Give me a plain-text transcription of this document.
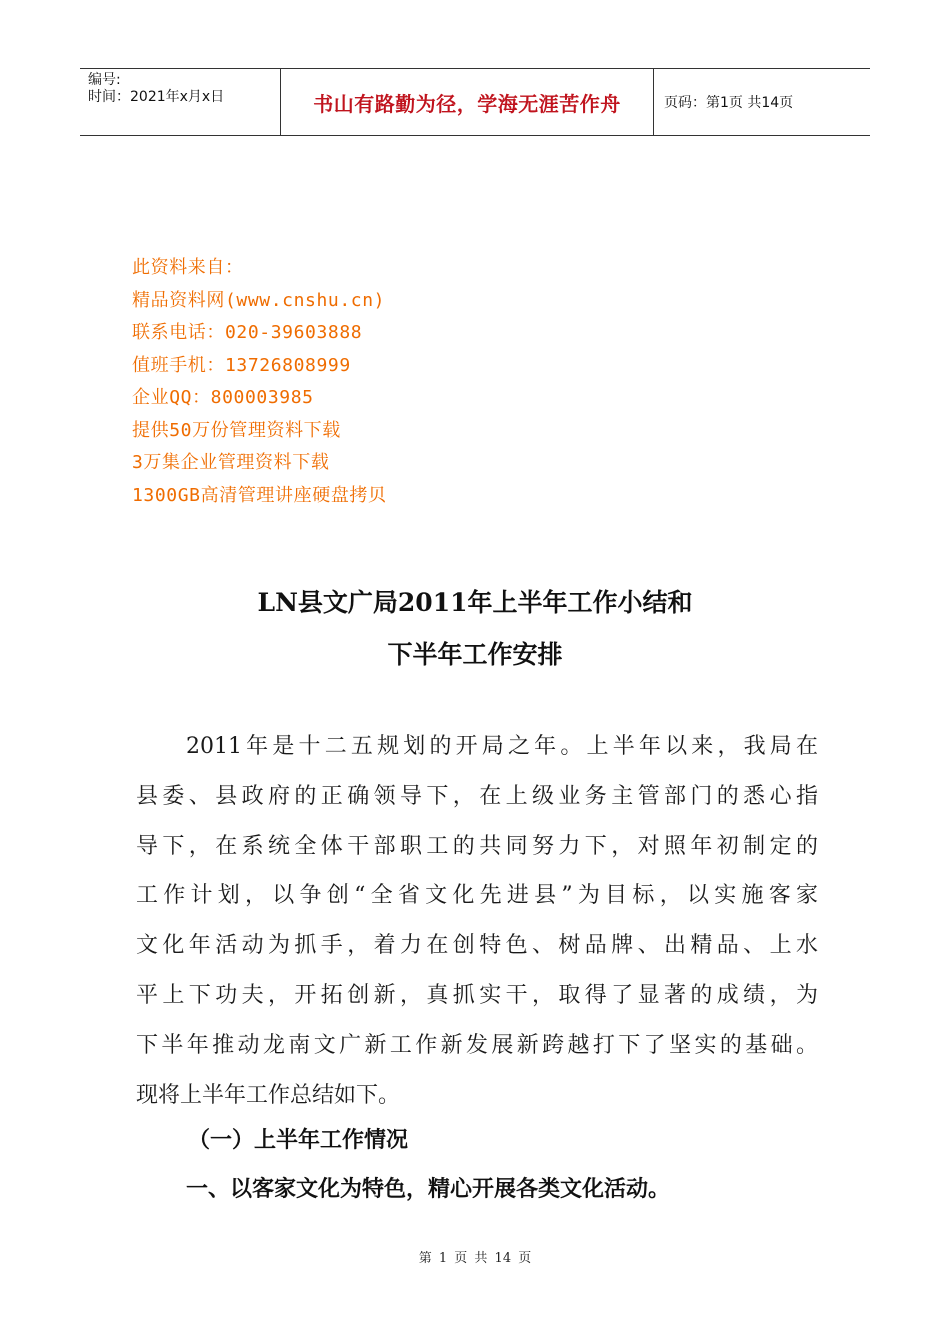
编号:
时间：2021年x月x日	书山有路勤为径，学海无涯苦作舟	页码：第1页 共14页
此资料来自：
精品资料网(www.cnshu.cn)
联系电话：020-39603888
值班手机：13726808999
企业QQ：800003985
提供50万份管理资料下载
3万集企业管理资料下载
1300GB高清管理讲座硬盘拷贝
LN县文广局2011年上半年工作小结和
下半年工作安排
2011年是十二五规划的开局之年。上半年以来，我局在
县委、县政府的正确领导下，在上级业务主管部门的悉心指
导下，在系统全体干部职工的共同努力下，对照年初制定的
工作计划，以争创“全省文化先进县”为目标，以实施客家
文化年活动为抓手，着力在创特色、树品牌、出精品、上水
平上下功夫，开拓创新，真抓实干，取得了显著的成绩，为
下半年推动龙南文广新工作新发展新跨越打下了坚实的基础。
现将上半年工作总结如下。
（一）上半年工作情况
一、以客家文化为特色，精心开展各类文化活动。
第 1 页 共 14 页
